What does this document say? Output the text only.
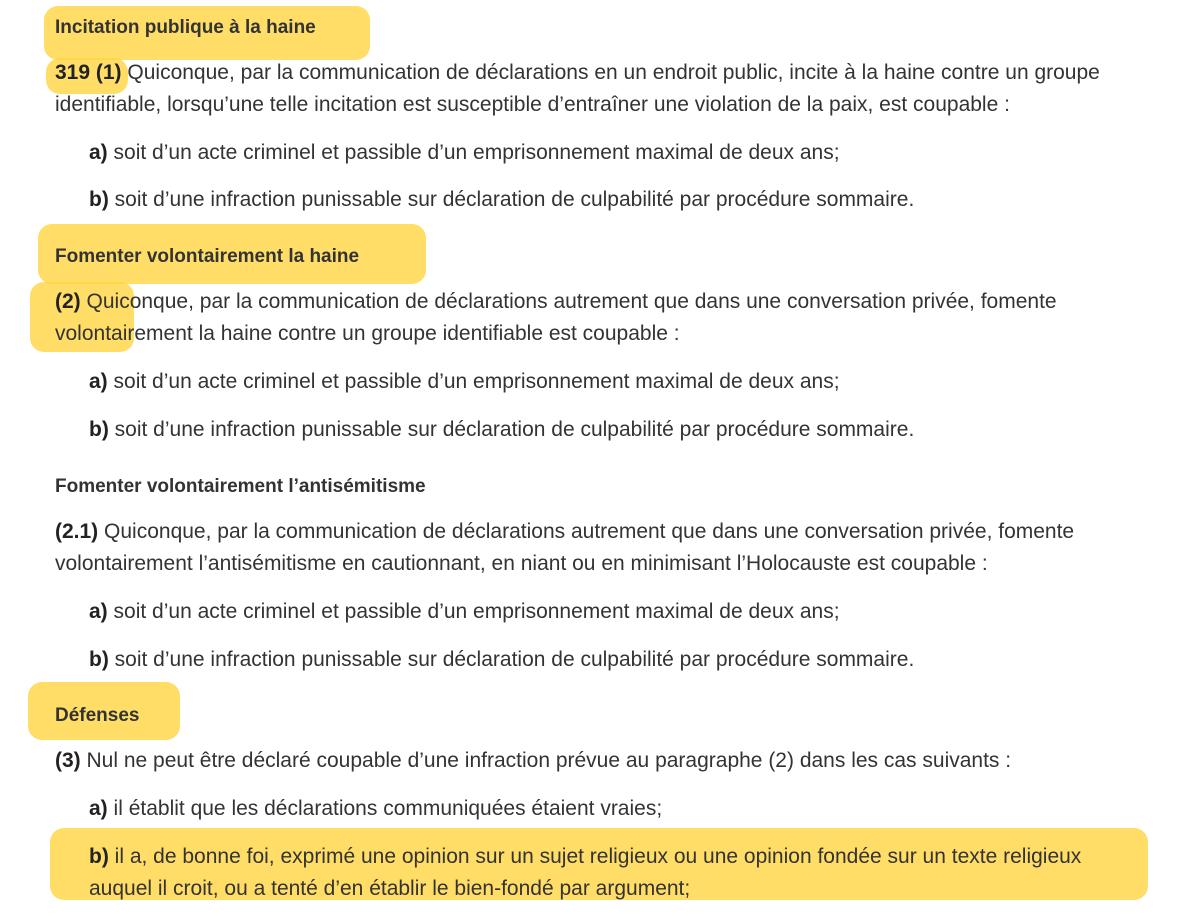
Incitation publique à la haine
319 (1) Quiconque, par la communication de déclarations en un endroit public, incite à la haine contre un groupe
identifiable, lorsqu’une telle incitation est susceptible d’entraîner une violation de la paix, est coupable :
a) soit d’un acte criminel et passible d’un emprisonnement maximal de deux ans;
b) soit d’une infraction punissable sur déclaration de culpabilité par procédure sommaire.
Fomenter volontairement la haine
(2) Quiconque, par la communication de déclarations autrement que dans une conversation privée, fomente
volontairement la haine contre un groupe identifiable est coupable :
a) soit d’un acte criminel et passible d’un emprisonnement maximal de deux ans;
b) soit d’une infraction punissable sur déclaration de culpabilité par procédure sommaire.
Fomenter volontairement l’antisémitisme
(2.1) Quiconque, par la communication de déclarations autrement que dans une conversation privée, fomente
volontairement l’antisémitisme en cautionnant, en niant ou en minimisant l’Holocauste est coupable :
a) soit d’un acte criminel et passible d’un emprisonnement maximal de deux ans;
b) soit d’une infraction punissable sur déclaration de culpabilité par procédure sommaire.
Défenses
(3) Nul ne peut être déclaré coupable d’une infraction prévue au paragraphe (2) dans les cas suivants :
a) il établit que les déclarations communiquées étaient vraies;
b) il a, de bonne foi, exprimé une opinion sur un sujet religieux ou une opinion fondée sur un texte religieux
auquel il croit, ou a tenté d’en établir le bien-fondé par argument;
